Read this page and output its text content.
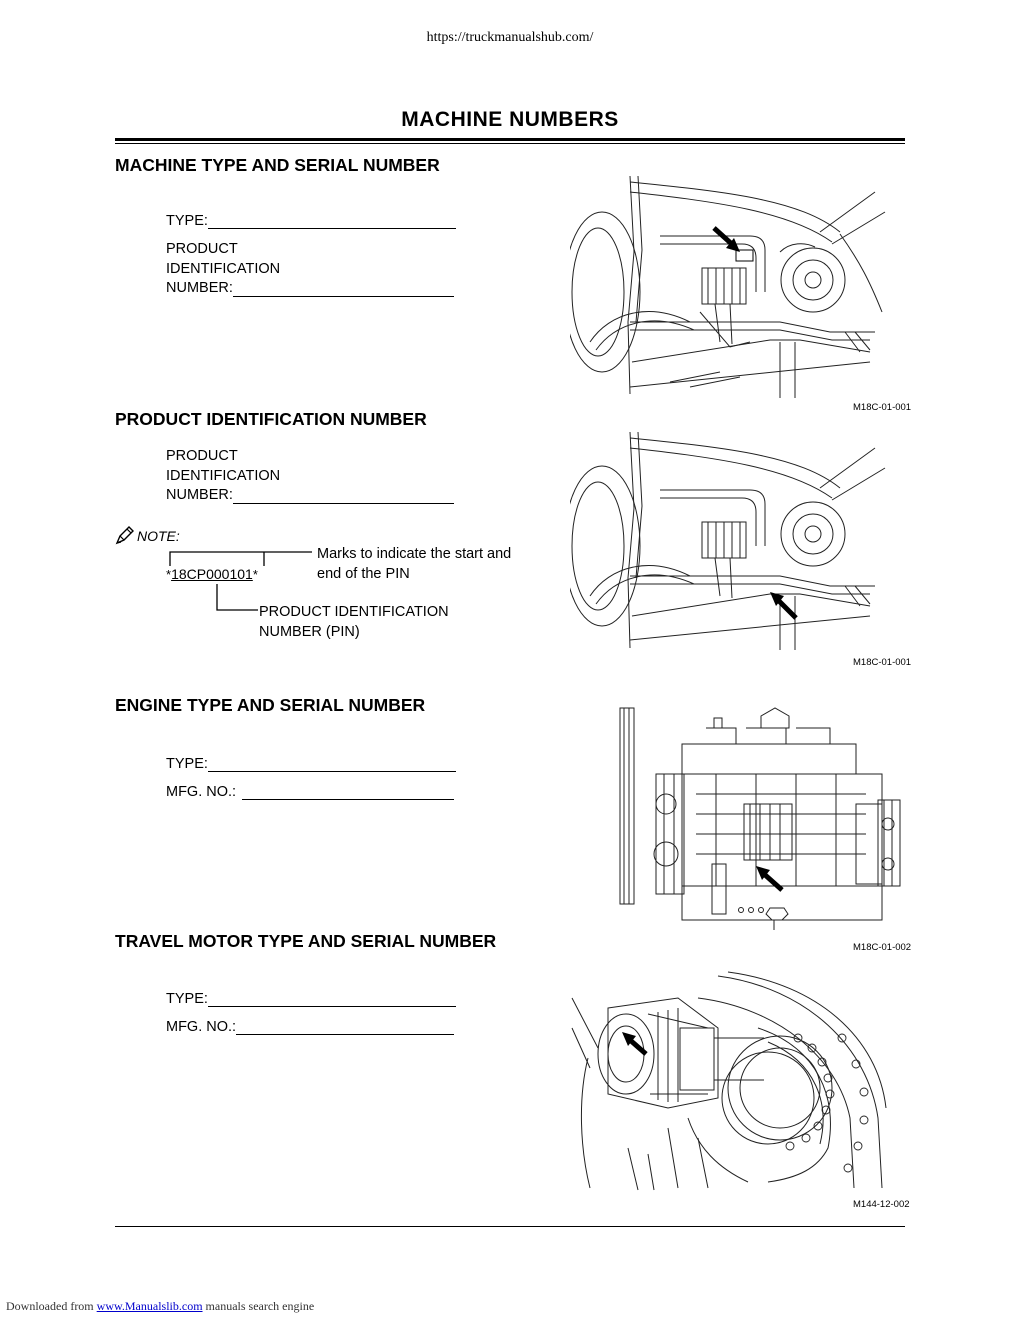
https://truckmanualshub.com/
MACHINE NUMBERS
MACHINE TYPE AND SERIAL NUMBER
TYPE:
PRODUCT
IDENTIFICATION
NUMBER:
M18C-01-001
PRODUCT IDENTIFICATION NUMBER
PRODUCT
IDENTIFICATION
NUMBER:
NOTE:
*18CP000101*
Marks to indicate the start and
end of the PIN
PRODUCT IDENTIFICATION
NUMBER (PIN)
M18C-01-001
ENGINE TYPE AND SERIAL NUMBER
TYPE:
MFG. NO.:
M18C-01-002
TRAVEL MOTOR TYPE AND SERIAL NUMBER
TYPE:
MFG. NO.:
M144-12-002
Downloaded from www.Manualslib.com manuals search engine
